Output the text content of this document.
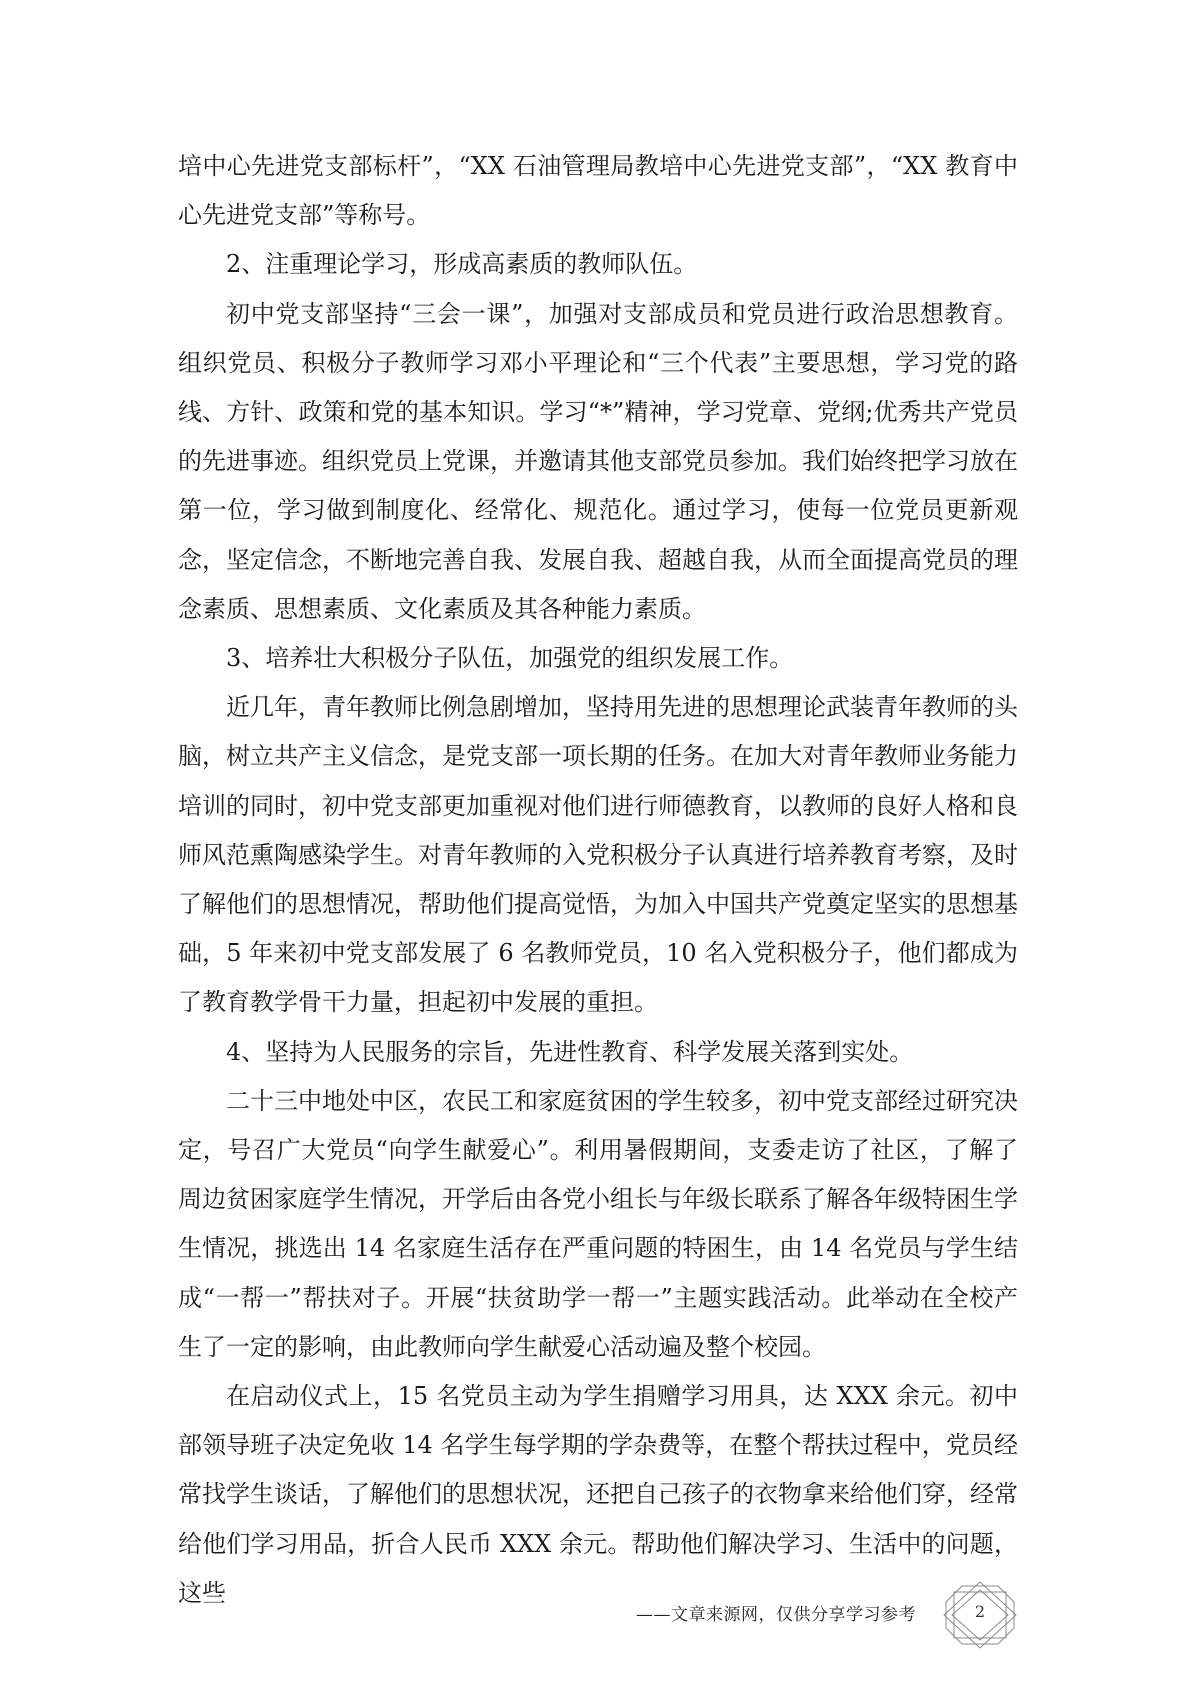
培中心先进党支部标杆”，“XX 石油管理局教培中心先进党支部”，“XX 教育中心先进党支部”等称号。

2、注重理论学习，形成高素质的教师队伍。

初中党支部坚持“三会一课”，加强对支部成员和党员进行政治思想教育。组织党员、积极分子教师学习邓小平理论和“三个代表”主要思想，学习党的路线、方针、政策和党的基本知识。学习“*”精神，学习党章、党纲;优秀共产党员的先进事迹。组织党员上党课，并邀请其他支部党员参加。我们始终把学习放在第一位，学习做到制度化、经常化、规范化。通过学习，使每一位党员更新观念，坚定信念，不断地完善自我、发展自我、超越自我，从而全面提高党员的理念素质、思想素质、文化素质及其各种能力素质。

3、培养壮大积极分子队伍，加强党的组织发展工作。

近几年，青年教师比例急剧增加，坚持用先进的思想理论武装青年教师的头脑，树立共产主义信念，是党支部一项长期的任务。在加大对青年教师业务能力培训的同时，初中党支部更加重视对他们进行师德教育，以教师的良好人格和良师风范熏陶感染学生。对青年教师的入党积极分子认真进行培养教育考察，及时了解他们的思想情况，帮助他们提高觉悟，为加入中国共产党奠定坚实的思想基础，5 年来初中党支部发展了 6 名教师党员，10 名入党积极分子，他们都成为了教育教学骨干力量，担起初中发展的重担。

4、坚持为人民服务的宗旨，先进性教育、科学发展关落到实处。

二十三中地处中区，农民工和家庭贫困的学生较多，初中党支部经过研究决定，号召广大党员“向学生献爱心”。利用暑假期间，支委走访了社区，了解了周边贫困家庭学生情况，开学后由各党小组长与年级长联系了解各年级特困生学生情况，挑选出 14 名家庭生活存在严重问题的特困生，由 14 名党员与学生结成“一帮一”帮扶对子。开展“扶贫助学一帮一”主题实践活动。此举动在全校产生了一定的影响，由此教师向学生献爱心活动遍及整个校园。

在启动仪式上，15 名党员主动为学生捐赠学习用具，达 XXX 余元。初中部领导班子决定免收 14 名学生每学期的学杂费等，在整个帮扶过程中，党员经常找学生谈话，了解他们的思想状况，还把自己孩子的衣物拿来给他们穿，经常给他们学习用品，折合人民币 XXX 余元。帮助他们解决学习、生活中的问题，这些

——文章来源网，仅供分享学习参考	2
